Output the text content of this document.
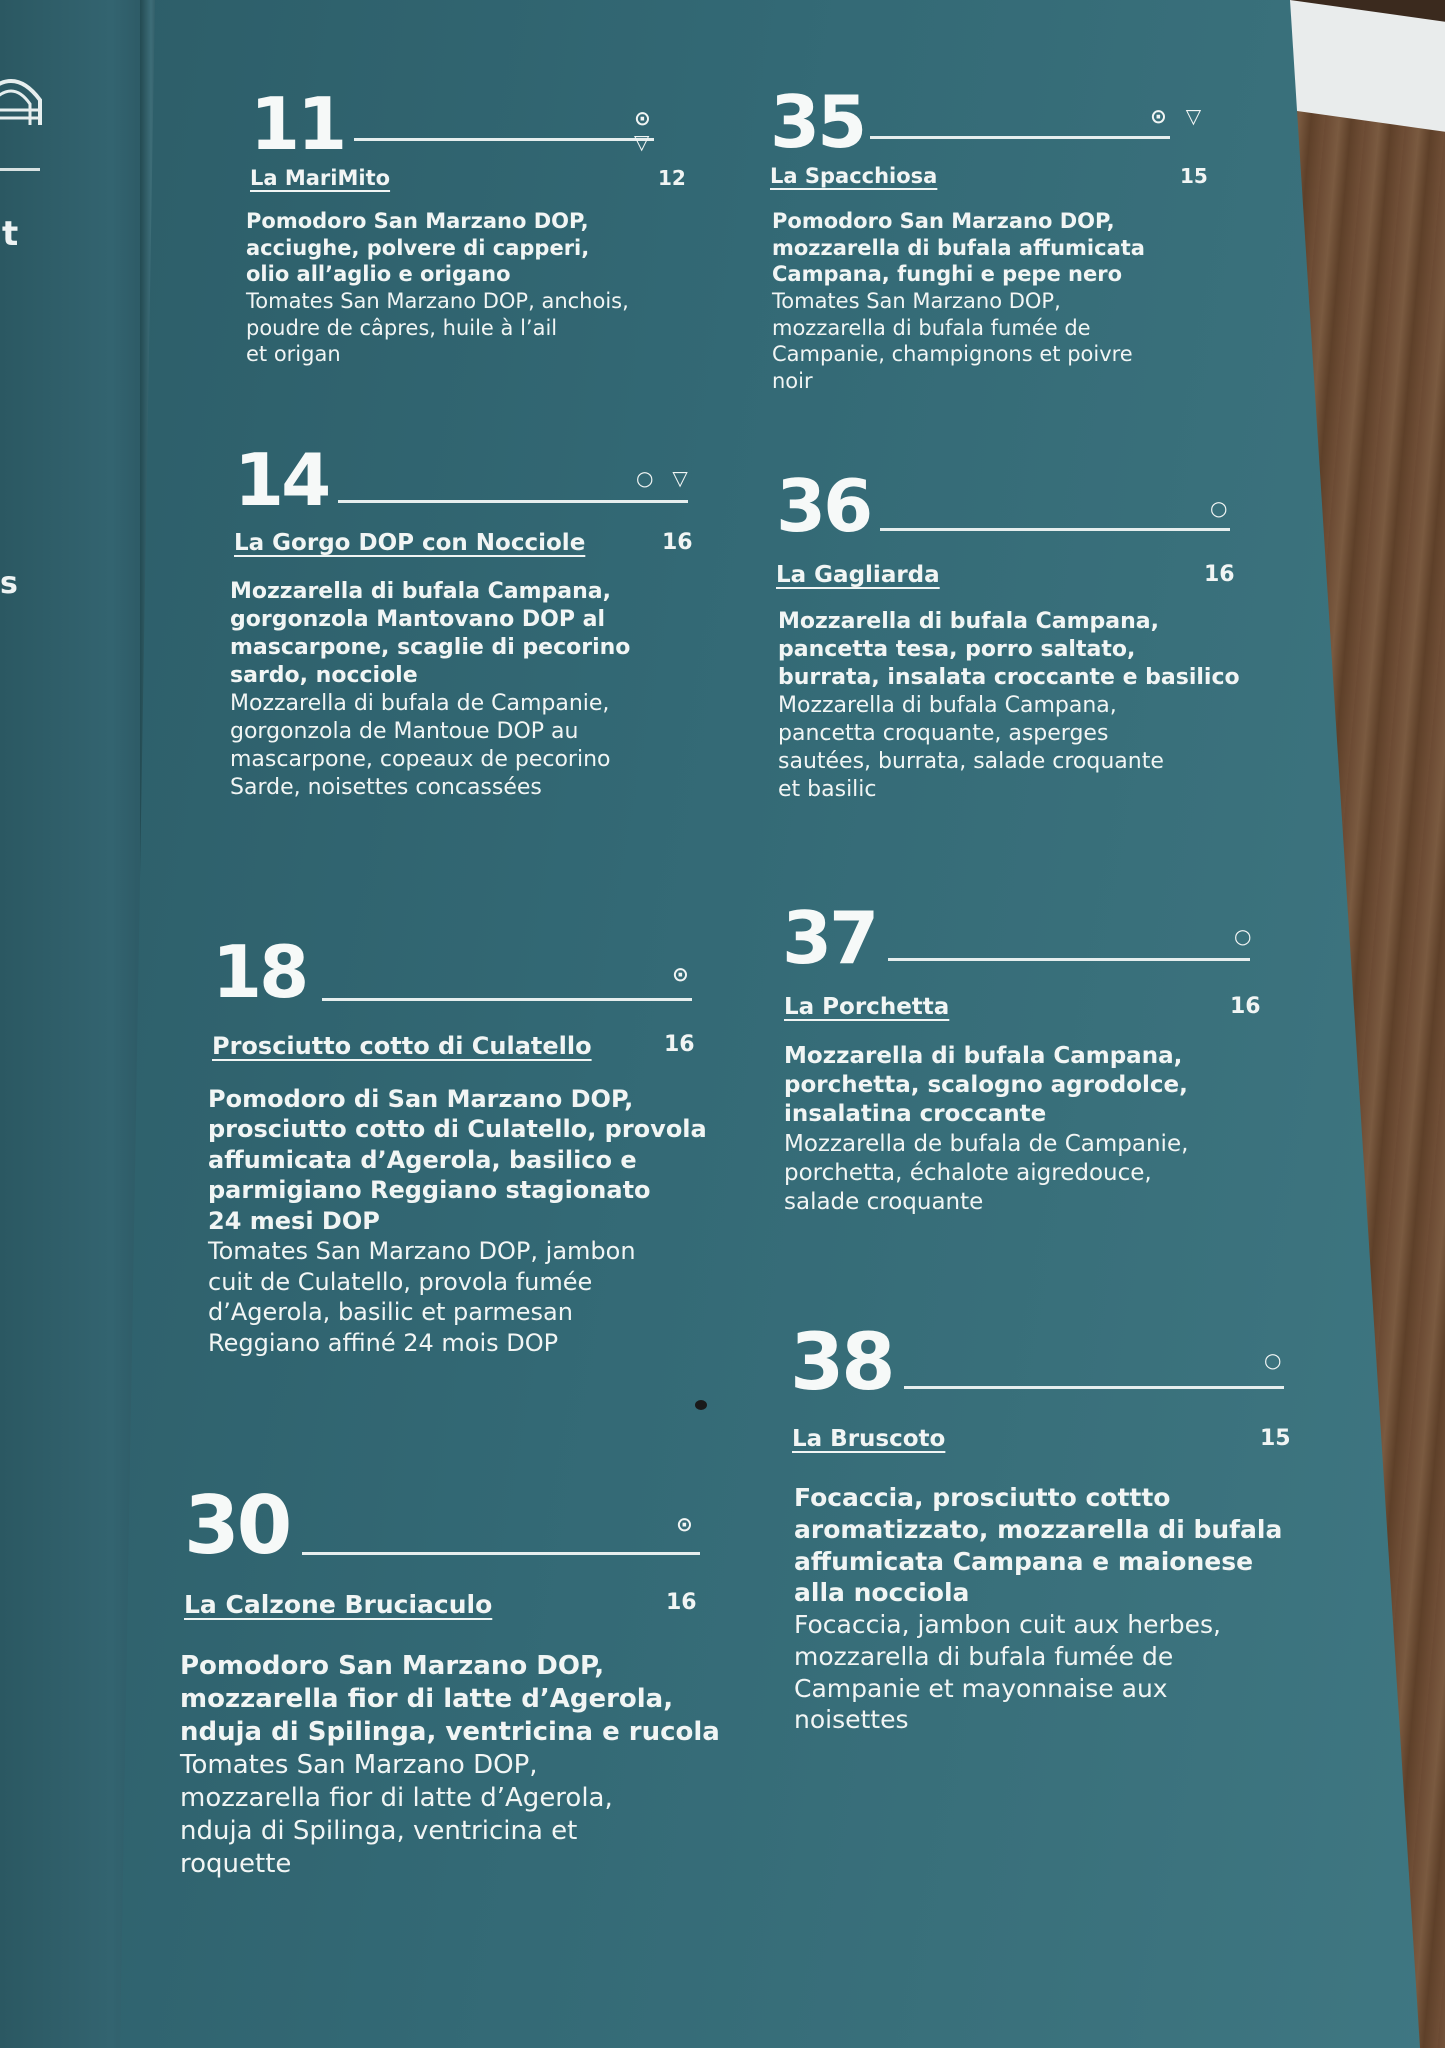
t
s
11	⊙ ▽
La MariMito	12
Pomodoro San Marzano DOP,
acciughe, polvere di capperi,
olio all’aglio e origano
Tomates San Marzano DOP, anchois,
poudre de câpres, huile à l’ail
et origan
35	⊙ ▽
La Spacchiosa	15
Pomodoro San Marzano DOP,
mozzarella di bufala affumicata
Campana, funghi e pepe nero
Tomates San Marzano DOP,
mozzarella di bufala fumée de
Campanie, champignons et poivre
noir
14	○ ▽
La Gorgo DOP con Nocciole	16
Mozzarella di bufala Campana,
gorgonzola Mantovano DOP al
mascarpone, scaglie di pecorino
sardo, nocciole
Mozzarella di bufala de Campanie,
gorgonzola de Mantoue DOP au
mascarpone, copeaux de pecorino
Sarde, noisettes concassées
36	○
La Gagliarda	16
Mozzarella di bufala Campana,
pancetta tesa, porro saltato,
burrata, insalata croccante e basilico
Mozzarella di bufala Campana,
pancetta croquante, asperges
sautées, burrata, salade croquante
et basilic
18	⊙
Prosciutto cotto di Culatello	16
Pomodoro di San Marzano DOP,
prosciutto cotto di Culatello, provola
affumicata d’Agerola, basilico e
parmigiano Reggiano stagionato
24 mesi DOP
Tomates San Marzano DOP, jambon
cuit de Culatello, provola fumée
d’Agerola, basilic et parmesan
Reggiano affiné 24 mois DOP
37	○
La Porchetta	16
Mozzarella di bufala Campana,
porchetta, scalogno agrodolce,
insalatina croccante
Mozzarella de bufala de Campanie,
porchetta, échalote aigredouce,
salade croquante
30	⊙
La Calzone Bruciaculo	16
Pomodoro San Marzano DOP,
mozzarella fior di latte d’Agerola,
nduja di Spilinga, ventricina e rucola
Tomates San Marzano DOP,
mozzarella fior di latte d’Agerola,
nduja di Spilinga, ventricina et
roquette
38	○
La Bruscoto	15
Focaccia, prosciutto cottto
aromatizzato, mozzarella di bufala
affumicata Campana e maionese
alla nocciola
Focaccia, jambon cuit aux herbes,
mozzarella di bufala fumée de
Campanie et mayonnaise aux
noisettes
